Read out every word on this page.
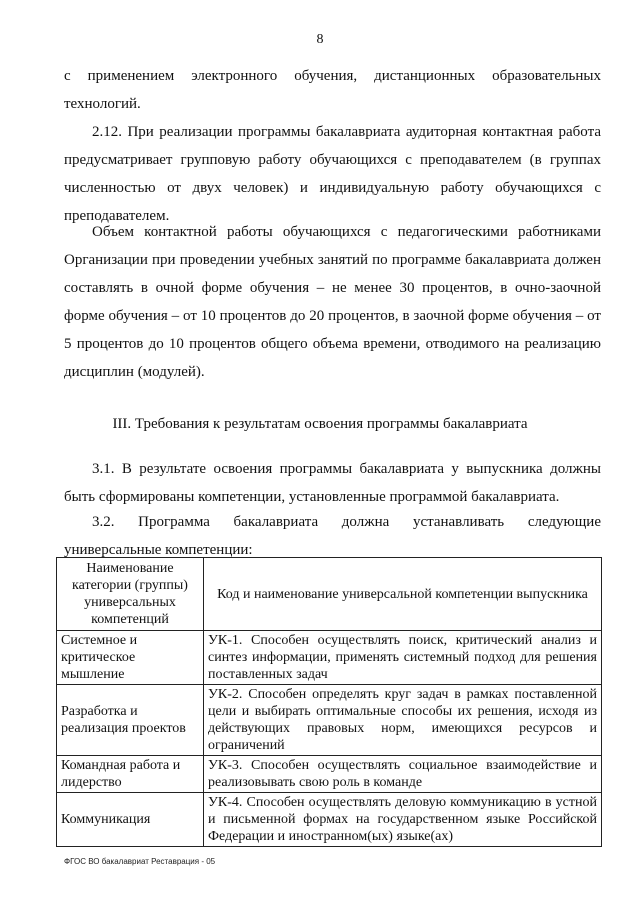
8

с применением электронного обучения, дистанционных образовательных

технологий.

2.12. При реализации программы бакалавриата аудиторная контактная работа предусматривает групповую работу обучающихся с преподавателем (в группах численностью от двух человек) и индивидуальную работу обучающихся с преподавателем.

Объем контактной работы обучающихся с педагогическими работниками Организации при проведении учебных занятий по программе бакалавриата должен составлять в очной форме обучения – не менее 30 процентов, в очно-заочной форме обучения – от 10 процентов до 20 процентов, в заочной форме обучения – от 5 процентов до 10 процентов общего объема времени, отводимого на реализацию дисциплин (модулей).

III. Требования к результатам освоения программы бакалавриата

3.1. В результате освоения программы бакалавриата у выпускника должны быть сформированы компетенции, установленные программой бакалавриата.

3.2. Программа бакалавриата должна устанавливать следующие универсальные компетенции:

Наименование категории (группы) универсальных компетенций	Код и наименование универсальной компетенции выпускника
Системное и критическое мышление	УК-1. Способен осуществлять поиск, критический анализ и синтез информации, применять системный подход для решения поставленных задач
Разработка и реализация проектов	УК-2. Способен определять круг задач в рамках поставленной цели и выбирать оптимальные способы их решения, исходя из действующих правовых норм, имеющихся ресурсов и ограничений
Командная работа и лидерство	УК-3. Способен осуществлять социальное взаимодействие и реализовывать свою роль в команде
Коммуникация	УК-4. Способен осуществлять деловую коммуникацию в устной и письменной формах на государственном языке Российской Федерации и иностранном(ых) языке(ах)
ФГОС ВО бакалавриат Реставрация - 05
